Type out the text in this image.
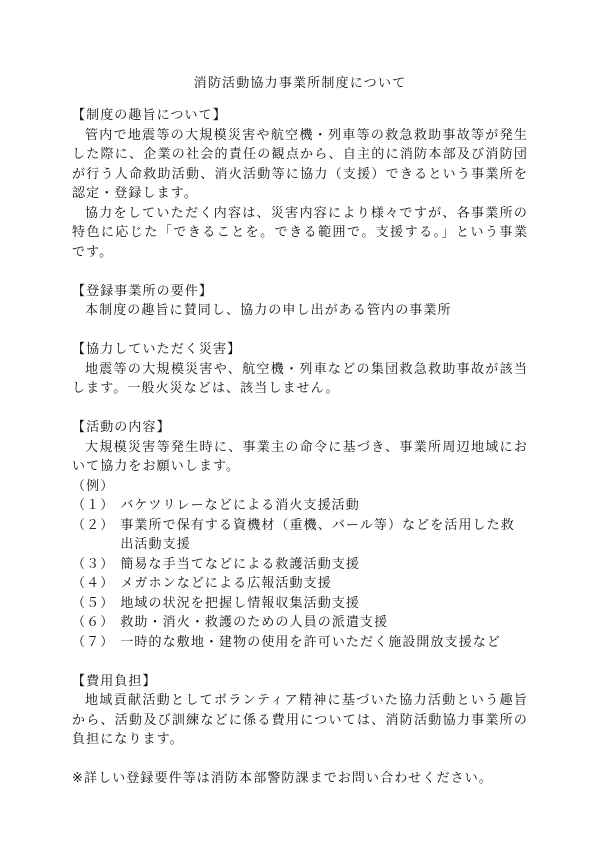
消防活動協力事業所制度について

【制度の趣旨について】

管内で地震等の大規模災害や航空機・列車等の救急救助事故等が発生した際に、企業の社会的責任の観点から、自主的に消防本部及び消防団が行う人命救助活動、消火活動等に協力（支援）できるという事業所を認定・登録します。

協力をしていただく内容は、災害内容により様々ですが、各事業所の特色に応じた「できることを。できる範囲で。支援する。」という事業です。

【登録事業所の要件】

本制度の趣旨に賛同し、協力の申し出がある管内の事業所

【協力していただく災害】

地震等の大規模災害や、航空機・列車などの集団救急救助事故が該当します。一般火災などは、該当しません。

【活動の内容】

大規模災害等発生時に、事業主の命令に基づき、事業所周辺地域において協力をお願いします。

（例）

（１） バケツリレーなどによる消火支援活動
（２） 事業所で保有する資機材（重機、バール等）などを活用した救出活動支援
（３） 簡易な手当てなどによる救護活動支援
（４） メガホンなどによる広報活動支援
（５） 地域の状況を把握し情報収集活動支援
（６） 救助・消火・救護のための人員の派遣支援
（７） 一時的な敷地・建物の使用を許可いただく施設開放支援など

【費用負担】

地域貢献活動としてボランティア精神に基づいた協力活動という趣旨から、活動及び訓練などに係る費用については、消防活動協力事業所の負担になります。

※詳しい登録要件等は消防本部警防課までお問い合わせください。
